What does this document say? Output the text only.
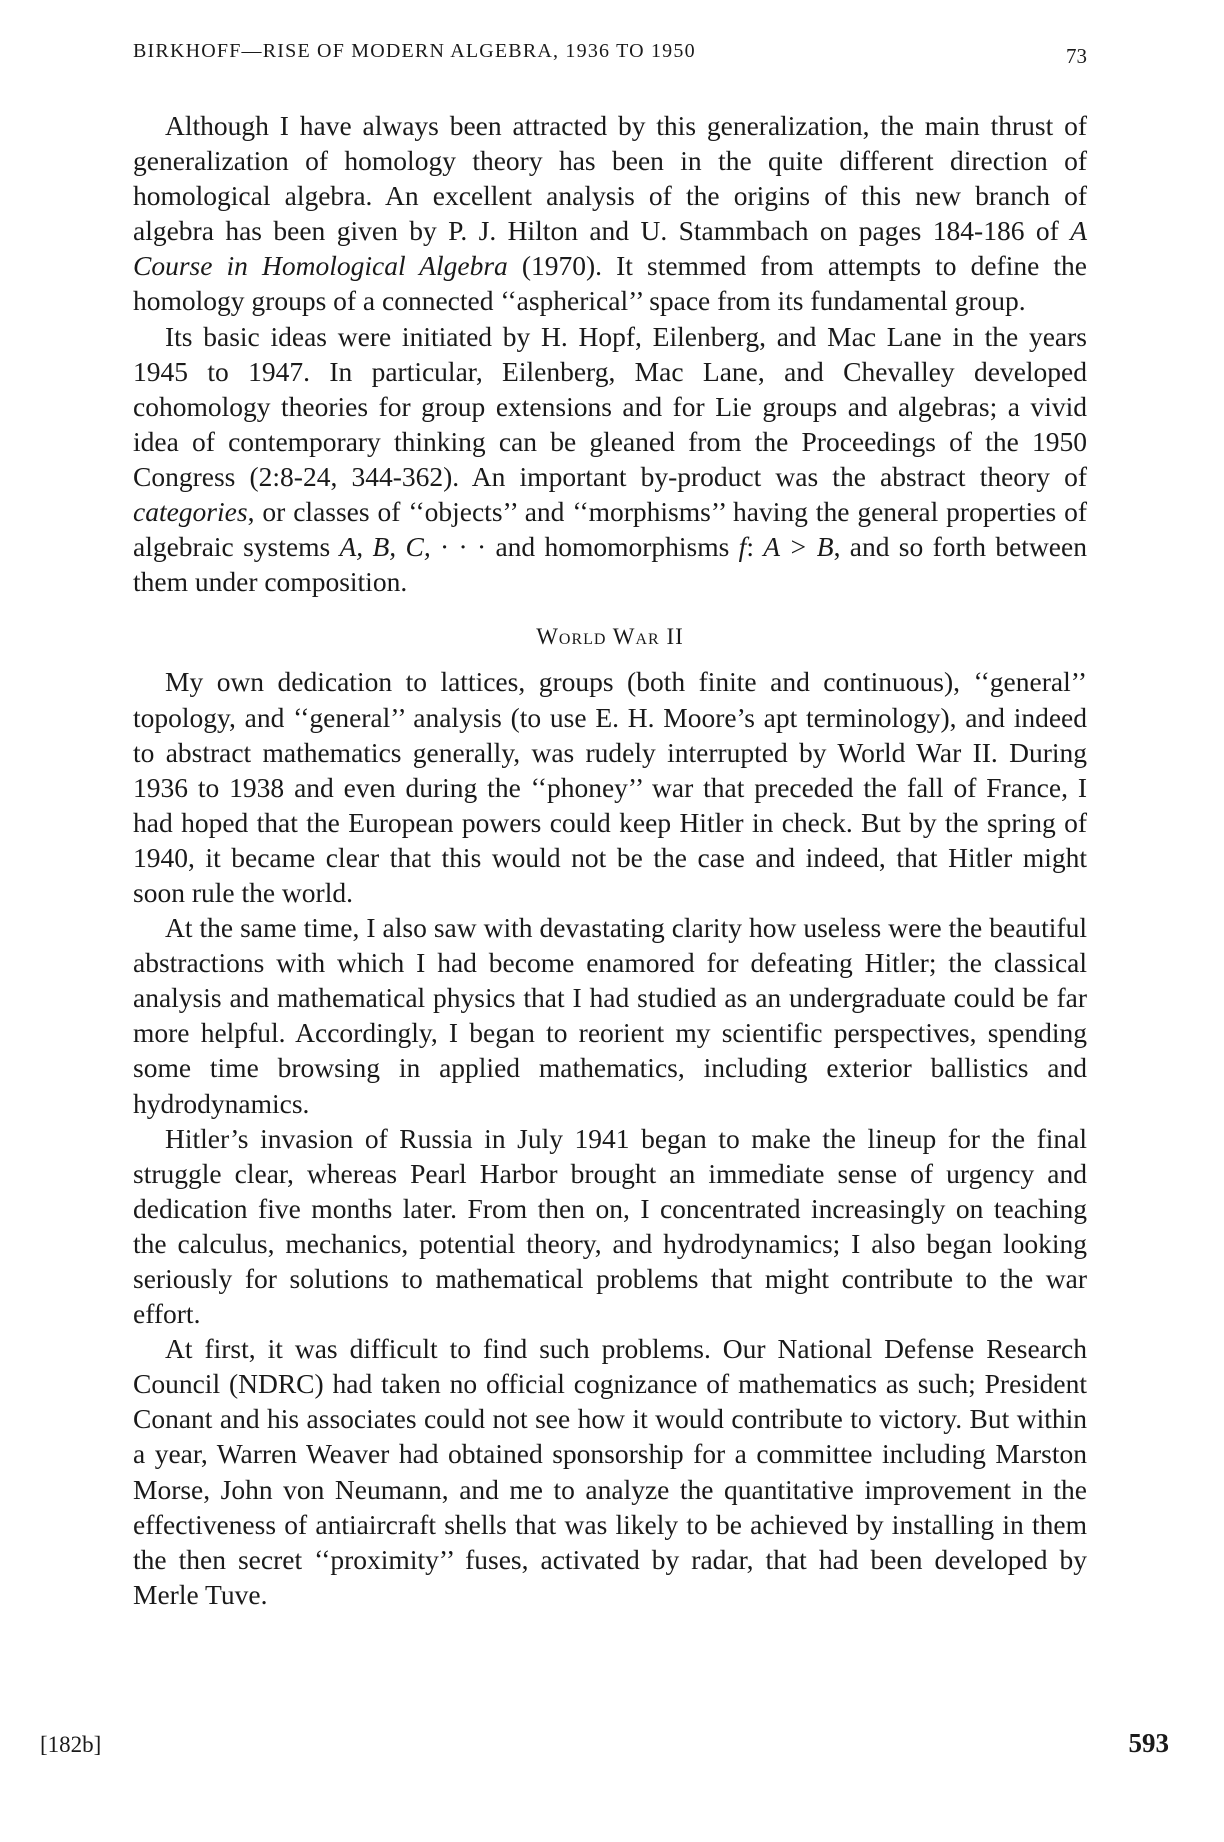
BIRKHOFF—RISE OF MODERN ALGEBRA, 1936 TO 1950	73

Although I have always been attracted by this generalization, the main thrust of generalization of homology theory has been in the quite different direction of homological algebra. An excellent analysis of the origins of this new branch of algebra has been given by P. J. Hilton and U. Stammbach on pages 184-186 of A Course in Homological Algebra (1970). It stemmed from attempts to define the homology groups of a connected ‘‘aspherical’’ space from its fundamental group.

Its basic ideas were initiated by H. Hopf, Eilenberg, and Mac Lane in the years 1945 to 1947. In particular, Eilenberg, Mac Lane, and Chevalley developed cohomology theories for group extensions and for Lie groups and algebras; a vivid idea of contemporary thinking can be gleaned from the Proceedings of the 1950 Congress (2:8-24, 344-362). An important by-product was the abstract theory of categories, or classes of ‘‘objects’’ and ‘‘morphisms’’ having the general properties of algebraic systems A, B, C, · · · and homomorphisms f: A > B, and so forth between them under composition.

World War II

My own dedication to lattices, groups (both finite and continuous), ‘‘general’’ topology, and ‘‘general’’ analysis (to use E. H. Moore’s apt terminology), and indeed to abstract mathematics generally, was rudely interrupted by World War II. During 1936 to 1938 and even during the ‘‘phoney’’ war that preceded the fall of France, I had hoped that the European powers could keep Hitler in check. But by the spring of 1940, it became clear that this would not be the case and indeed, that Hitler might soon rule the world.

At the same time, I also saw with devastating clarity how useless were the beautiful abstractions with which I had become enamored for defeating Hitler; the classical analysis and mathematical physics that I had studied as an undergraduate could be far more helpful. Accordingly, I began to reorient my scientific perspectives, spending some time browsing in applied mathematics, including exterior ballistics and hydrodynamics.

Hitler’s invasion of Russia in July 1941 began to make the lineup for the final struggle clear, whereas Pearl Harbor brought an immediate sense of urgency and dedication five months later. From then on, I concentrated increasingly on teaching the calculus, mechanics, potential theory, and hydrodynamics; I also began looking seriously for solutions to mathematical problems that might contribute to the war effort.

At first, it was difficult to find such problems. Our National Defense Research Council (NDRC) had taken no official cognizance of mathematics as such; President Conant and his associates could not see how it would contribute to victory. But within a year, Warren Weaver had obtained sponsorship for a committee including Marston Morse, John von Neumann, and me to analyze the quantitative improvement in the effectiveness of antiaircraft shells that was likely to be achieved by installing in them the then secret ‘‘proximity’’ fuses, activated by radar, that had been developed by Merle Tuve.

[182b]	593
